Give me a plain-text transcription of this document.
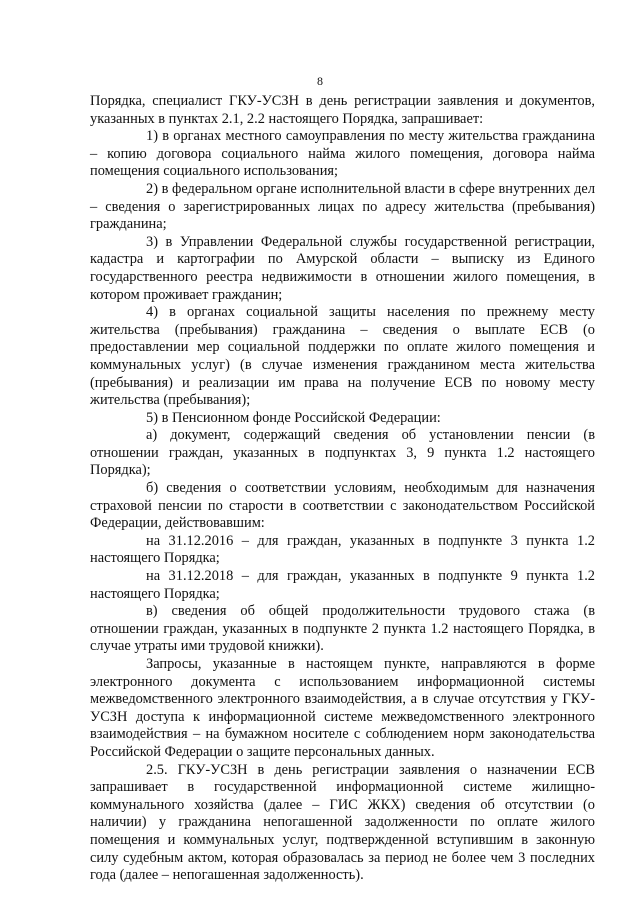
8

Порядка, специалист ГКУ-УСЗН в день регистрации заявления и документов, указанных в пунктах 2.1, 2.2 настоящего Порядка, запрашивает:

1) в органах местного самоуправления по месту жительства гражданина – копию договора социального найма жилого помещения, договора найма помещения социального использования;

2) в федеральном органе исполнительной власти в сфере внутренних дел – сведения о зарегистрированных лицах по адресу жительства (пребывания) гражданина;

3) в Управлении Федеральной службы государственной регистрации, кадастра и картографии по Амурской области – выписку из Единого государственного реестра недвижимости в отношении жилого помещения, в котором проживает гражданин;

4) в органах социальной защиты населения по прежнему месту жительства (пребывания) гражданина – сведения о выплате ЕСВ (о предоставлении мер социальной поддержки по оплате жилого помещения и коммунальных услуг) (в случае изменения гражданином места жительства (пребывания) и реализации им права на получение ЕСВ по новому месту жительства (пребывания);

5) в Пенсионном фонде Российской Федерации:

а) документ, содержащий сведения об установлении пенсии (в отношении граждан, указанных в подпунктах 3, 9 пункта 1.2 настоящего Порядка);

б) сведения о соответствии условиям, необходимым для назначения страховой пенсии по старости в соответствии с законодательством Российской Федерации, действовавшим:

на 31.12.2016 – для граждан, указанных в подпункте 3 пункта 1.2 настоящего Порядка;

на 31.12.2018 – для граждан, указанных в подпункте 9 пункта 1.2 настоящего Порядка;

в) сведения об общей продолжительности трудового стажа (в отношении граждан, указанных в подпункте 2 пункта 1.2 настоящего Порядка, в случае утраты ими трудовой книжки).

Запросы, указанные в настоящем пункте, направляются в форме электронного документа с использованием информационной системы межведомственного электронного взаимодействия, а в случае отсутствия у ГКУ-УСЗН доступа к информационной системе межведомственного электронного взаимодействия – на бумажном носителе с соблюдением норм законодательства Российской Федерации о защите персональных данных.

2.5. ГКУ-УСЗН в день регистрации заявления о назначении ЕСВ запрашивает в государственной информационной системе жилищно-коммунального хозяйства (далее – ГИС ЖКХ) сведения об отсутствии (о наличии) у гражданина непогашенной задолженности по оплате жилого помещения и коммунальных услуг, подтвержденной вступившим в законную силу судебным актом, которая образовалась за период не более чем 3 последних года (далее – непогашенная задолженность).
